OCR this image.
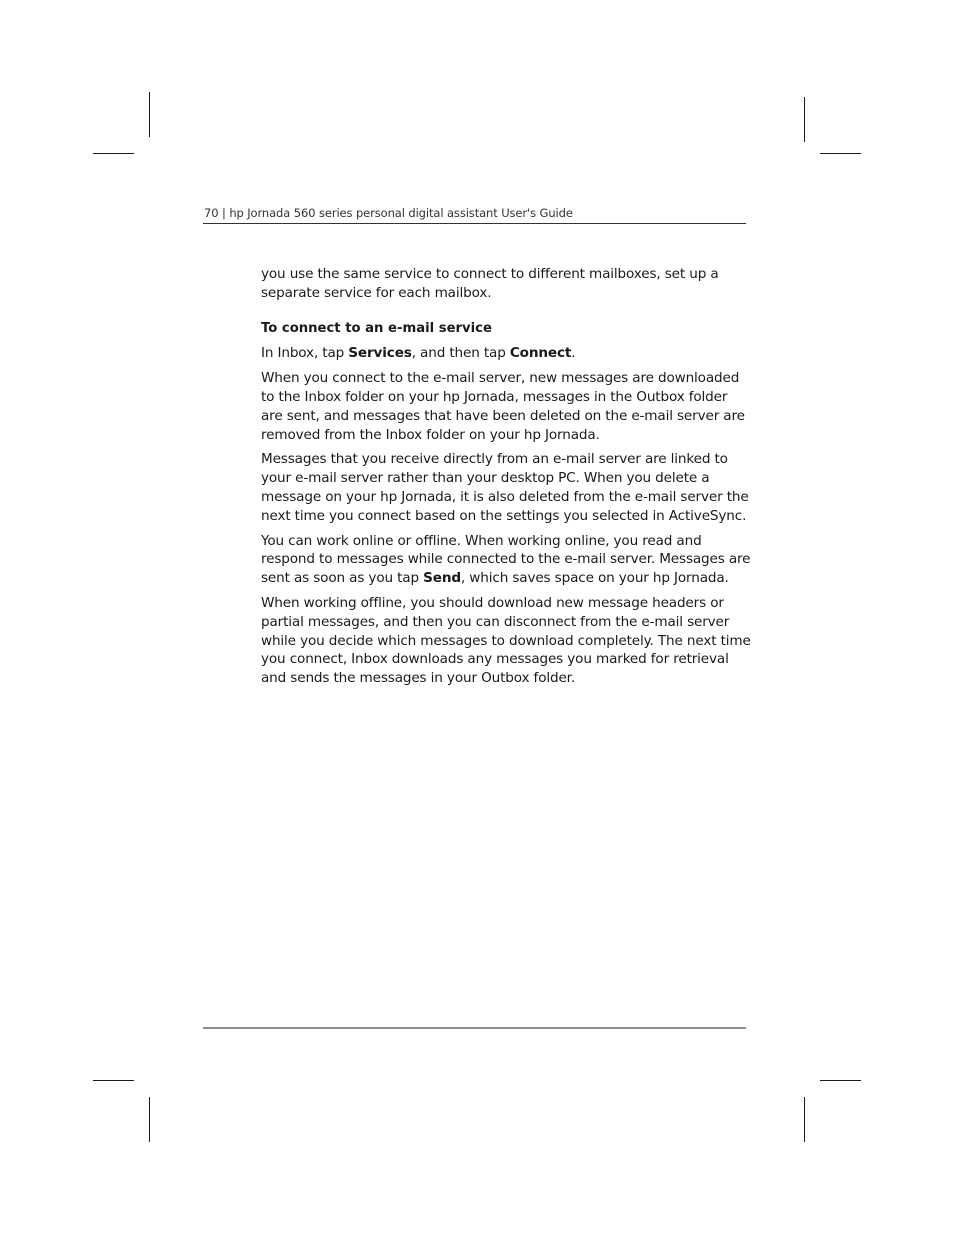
70 | hp Jornada 560 series personal digital assistant User's Guide

you use the same service to connect to different mailboxes, set up a separate service for each mailbox.

To connect to an e-mail service

In Inbox, tap Services, and then tap Connect.

When you connect to the e-mail server, new messages are downloaded to the Inbox folder on your hp Jornada, messages in the Outbox folder are sent, and messages that have been deleted on the e-mail server are removed from the Inbox folder on your hp Jornada.

Messages that you receive directly from an e-mail server are linked to your e-mail server rather than your desktop PC. When you delete a message on your hp Jornada, it is also deleted from the e-mail server the next time you connect based on the settings you selected in ActiveSync.

You can work online or offline. When working online, you read and respond to messages while connected to the e-mail server. Messages are sent as soon as you tap Send, which saves space on your hp Jornada.

When working offline, you should download new message headers or partial messages, and then you can disconnect from the e-mail server while you decide which messages to download completely. The next time you connect, Inbox downloads any messages you marked for retrieval and sends the messages in your Outbox folder.
